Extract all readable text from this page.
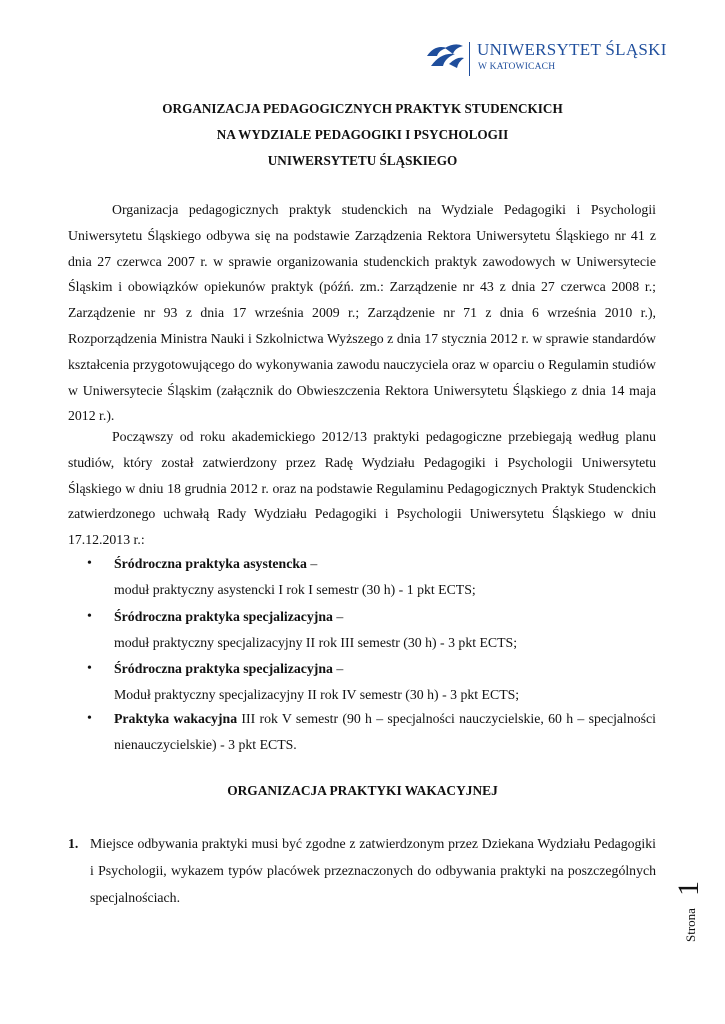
UNIWERSYTET ŚLĄSKI
W KATOWICACH
ORGANIZACJA PEDAGOGICZNYCH PRAKTYK STUDENCKICH
NA WYDZIALE PEDAGOGIKI I PSYCHOLOGII
UNIWERSYTETU ŚLĄSKIEGO

Organizacja pedagogicznych praktyk studenckich na Wydziale Pedagogiki i Psychologii Uniwersytetu Śląskiego odbywa się na podstawie Zarządzenia Rektora Uniwersytetu Śląskiego nr 41 z dnia 27 czerwca 2007 r. w sprawie organizowania studenckich praktyk zawodowych w Uniwersytecie Śląskim i obowiązków opiekunów praktyk (późń. zm.: Zarządzenie nr 43 z dnia 27 czerwca 2008 r.; Zarządzenie nr 93 z dnia 17 września 2009 r.; Zarządzenie nr 71 z dnia 6 września 2010 r.), Rozporządzenia Ministra Nauki i Szkolnictwa Wyższego z dnia 17 stycznia 2012 r. w sprawie standardów kształcenia przygotowującego do wykonywania zawodu nauczyciela oraz w oparciu o Regulamin studiów w Uniwersytecie Śląskim (załącznik do Obwieszczenia Rektora Uniwersytetu Śląskiego z dnia 14 maja 2012 r.).

Począwszy od roku akademickiego 2012/13 praktyki pedagogiczne przebiegają według planu studiów, który został zatwierdzony przez Radę Wydziału Pedagogiki i Psychologii Uniwersytetu Śląskiego w dniu 18 grudnia 2012 r. oraz na podstawie Regulaminu Pedagogicznych Praktyk Studenckich zatwierdzonego uchwałą Rady Wydziału Pedagogiki i Psychologii Uniwersytetu Śląskiego w dniu 17.12.2013 r.:

•	Śródroczna praktyka asystencka –
moduł praktyczny asystencki I rok I semestr (30 h) - 1 pkt ECTS;
•	Śródroczna praktyka specjalizacyjna –
moduł praktyczny specjalizacyjny II rok III semestr (30 h) - 3 pkt ECTS;
•	Śródroczna praktyka specjalizacyjna –
Moduł praktyczny specjalizacyjny II rok IV semestr (30 h) - 3 pkt ECTS;
•	Praktyka wakacyjna III rok V semestr (90 h – specjalności nauczycielskie, 60 h – specjalności nienauczycielskie) - 3 pkt ECTS.
ORGANIZACJA PRAKTYKI WAKACYJNEJ
1. Miejsce odbywania praktyki musi być zgodne z zatwierdzonym przez Dziekana Wydziału Pedagogiki i Psychologii, wykazem typów placówek przeznaczonych do odbywania praktyki na poszczególnych specjalnościach.
Strona
1
